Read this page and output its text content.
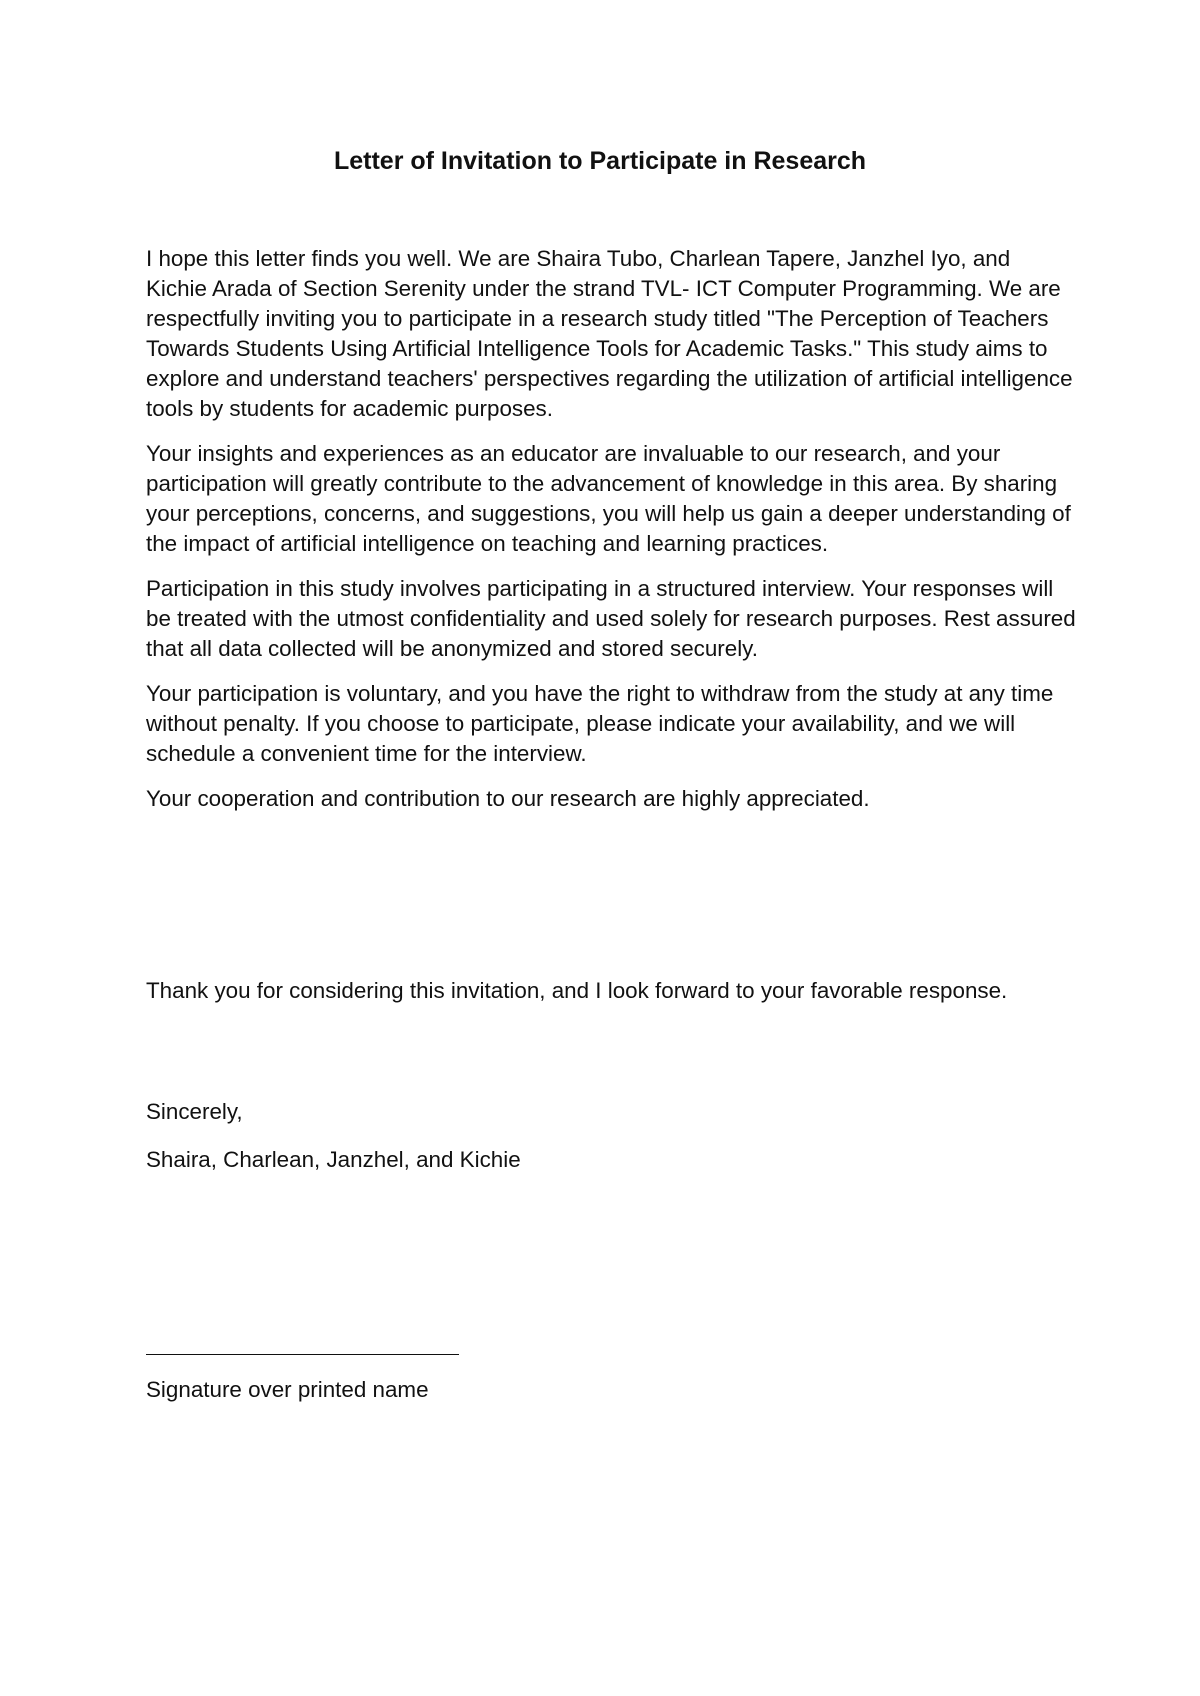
Letter of Invitation to Participate in Research

I hope this letter finds you well. We are Shaira Tubo, Charlean Tapere, Janzhel Iyo, and Kichie Arada of Section Serenity under the strand TVL- ICT Computer Programming. We are respectfully inviting you to participate in a research study titled "The Perception of Teachers Towards Students Using Artificial Intelligence Tools for Academic Tasks." This study aims to explore and understand teachers' perspectives regarding the utilization of artificial intelligence tools by students for academic purposes.

Your insights and experiences as an educator are invaluable to our research, and your participation will greatly contribute to the advancement of knowledge in this area. By sharing your perceptions, concerns, and suggestions, you will help us gain a deeper understanding of the impact of artificial intelligence on teaching and learning practices.

Participation in this study involves participating in a structured interview. Your responses will be treated with the utmost confidentiality and used solely for research purposes. Rest assured that all data collected will be anonymized and stored securely.

Your participation is voluntary, and you have the right to withdraw from the study at any time without penalty. If you choose to participate, please indicate your availability, and we will schedule a convenient time for the interview.

Your cooperation and contribution to our research are highly appreciated.

Thank you for considering this invitation, and I look forward to your favorable response.

Sincerely,

Shaira, Charlean, Janzhel, and Kichie

Signature over printed name
